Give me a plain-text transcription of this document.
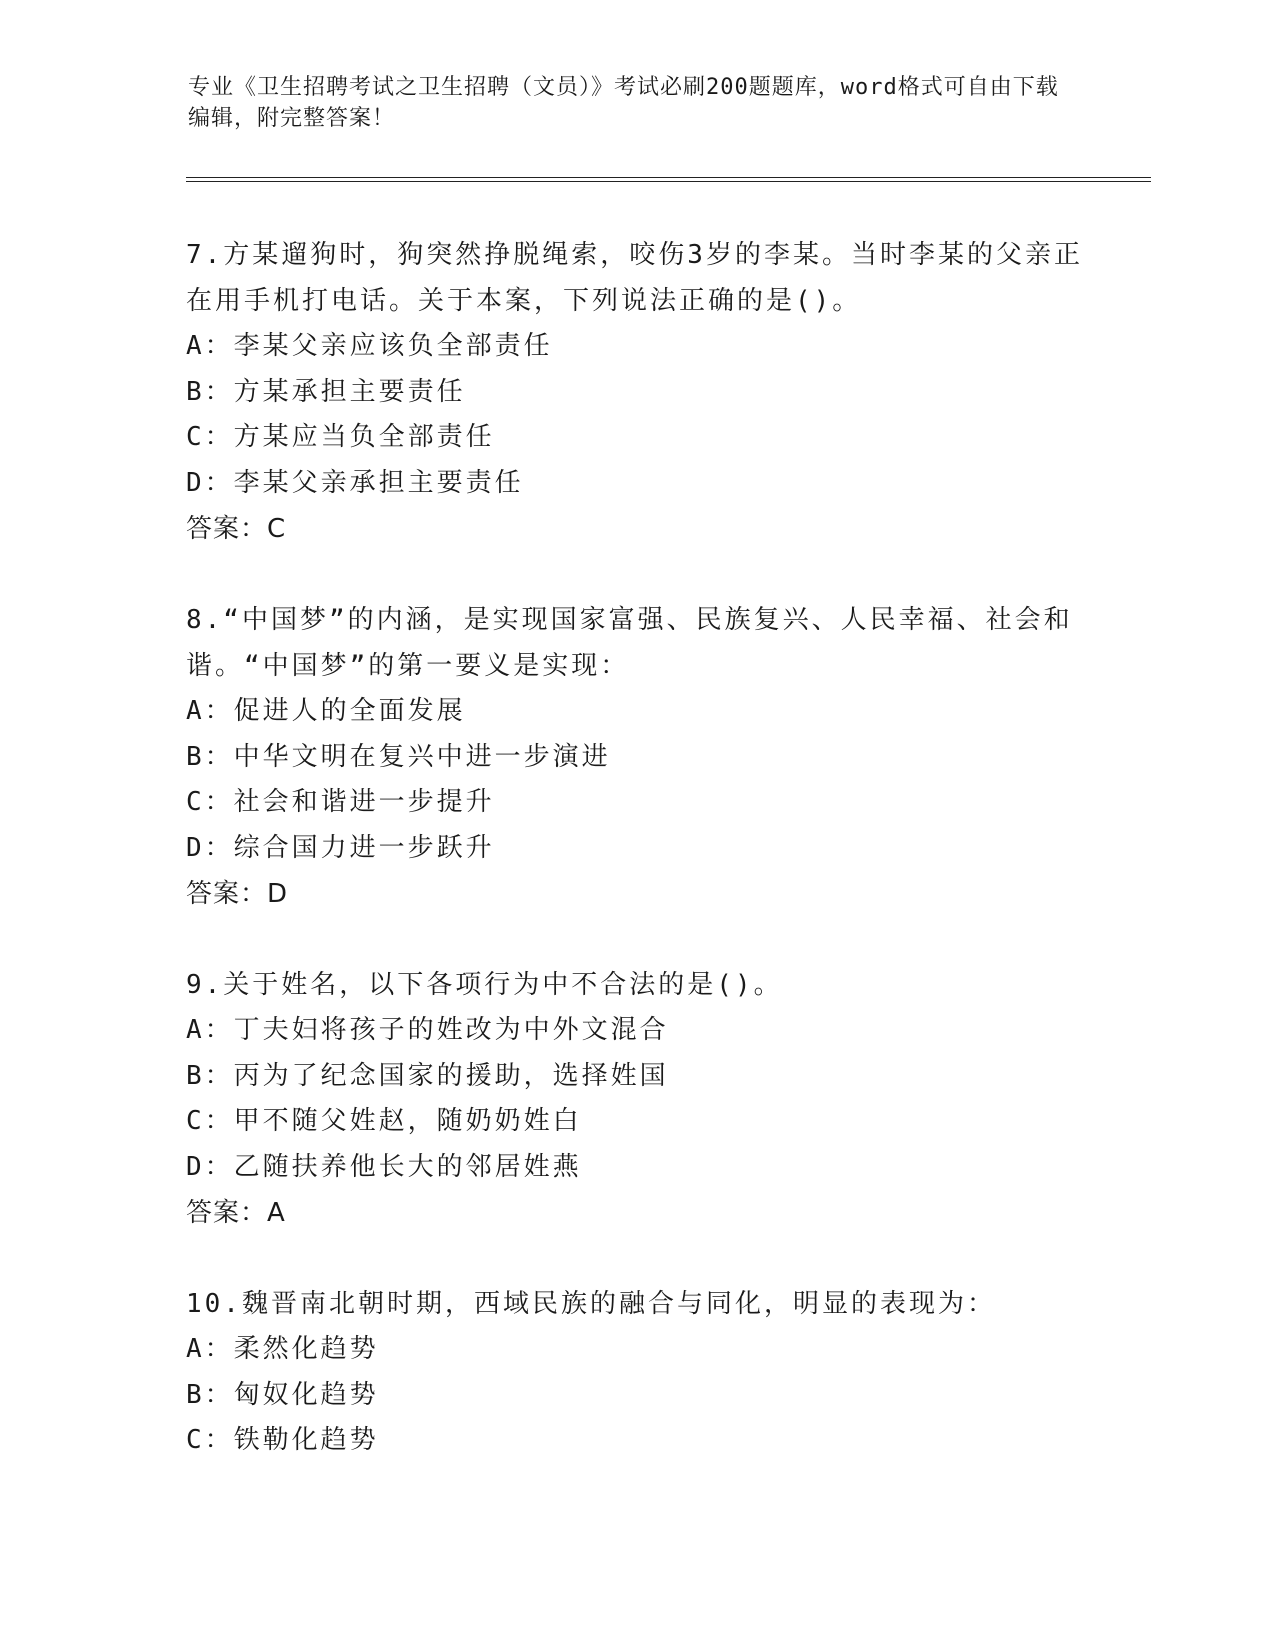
专业《卫生招聘考试之卫生招聘（文员）》考试必刷200题题库，word格式可自由下载编辑，附完整答案！

7.方某遛狗时，狗突然挣脱绳索，咬伤3岁的李某。当时李某的父亲正在用手机打电话。关于本案，下列说法正确的是()。

A：李某父亲应该负全部责任

B：方某承担主要责任

C：方某应当负全部责任

D：李某父亲承担主要责任

答案：C

8.“中国梦”的内涵，是实现国家富强、民族复兴、人民幸福、社会和谐。“中国梦”的第一要义是实现：

A：促进人的全面发展

B：中华文明在复兴中进一步演进

C：社会和谐进一步提升

D：综合国力进一步跃升

答案：D

9.关于姓名，以下各项行为中不合法的是()。

A：丁夫妇将孩子的姓改为中外文混合

B：丙为了纪念国家的援助，选择姓国

C：甲不随父姓赵，随奶奶姓白

D：乙随扶养他长大的邻居姓燕

答案：A

10.魏晋南北朝时期，西域民族的融合与同化，明显的表现为：

A：柔然化趋势

B：匈奴化趋势

C：铁勒化趋势
